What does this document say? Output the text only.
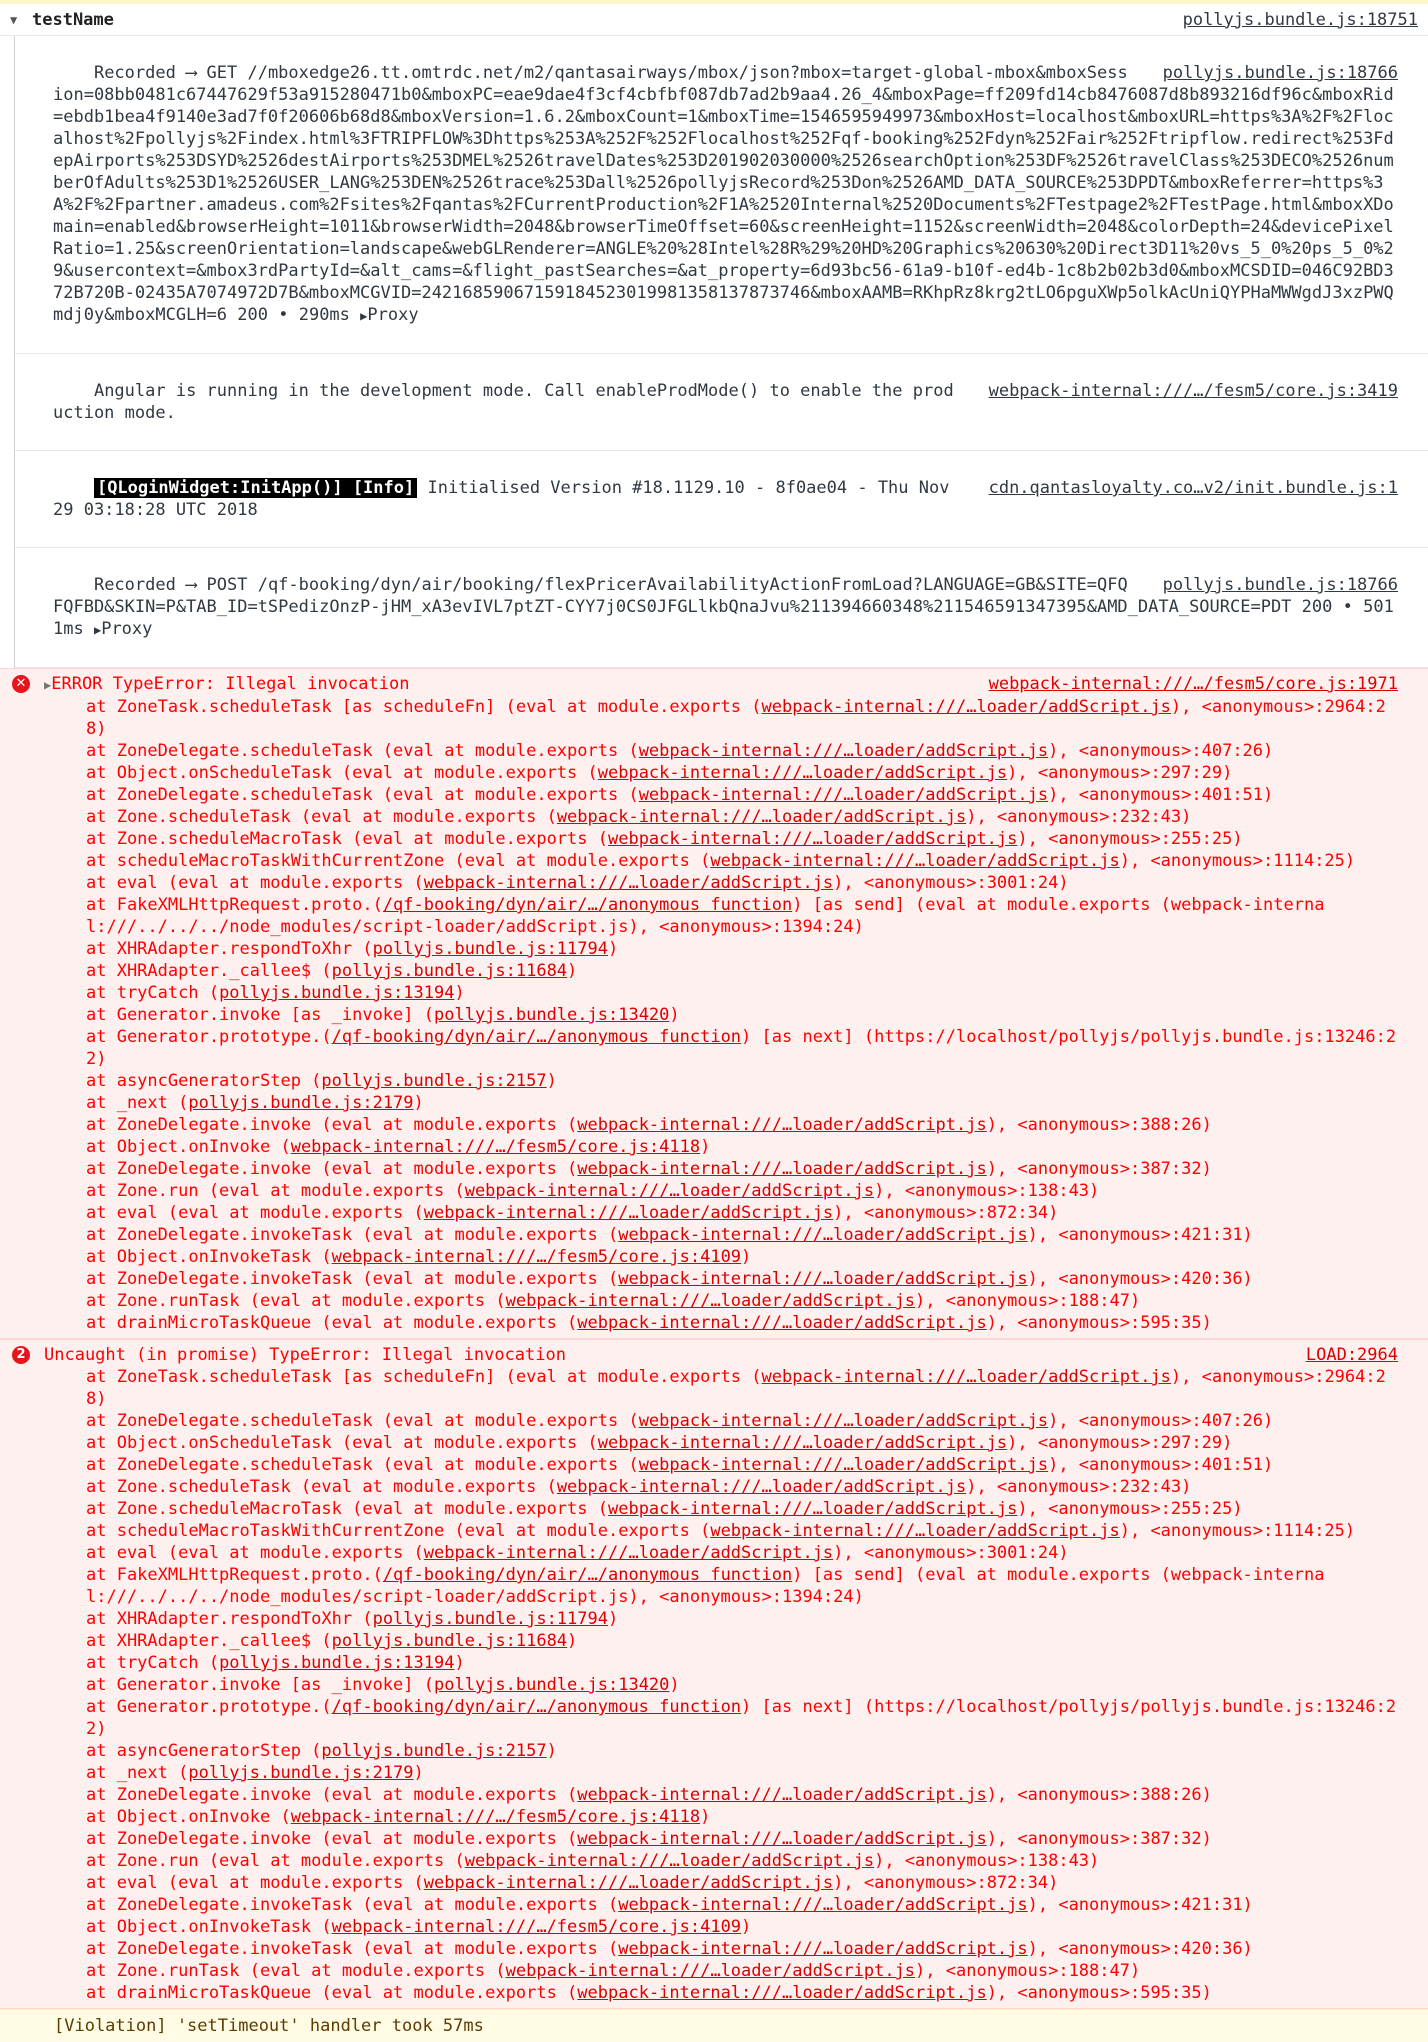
▼ testName	pollyjs.bundle.js:18751

pollyjs.bundle.js:18766
Recorded ⟶ GET //mboxedge26.tt.omtrdc.net/m2/qantasairways/mbox/json?mbox=target-global-mbox&mboxSession=08bb0481c67447629f53a915280471b0&mboxPC=eae9dae4f3cf4cbfbf087db7ad2b9aa4.26_4&mboxPage=ff209fd14cb8476087d8b893216df96c&mboxRid=ebdb1bea4f9140e3ad7f0f20606b68d8&mboxVersion=1.6.2&mboxCount=1&mboxTime=1546595949973&mboxHost=localhost&mboxURL=https%3A%2F%2Flocalhost%2Fpollyjs%2Findex.html%3FTRIPFLOW%3Dhttps%253A%252F%252Flocalhost%252Fqf-booking%252Fdyn%252Fair%252Ftripflow.redirect%253FdepAirports%253DSYD%2526destAirports%253DMEL%2526travelDates%253D201902030000%2526searchOption%253DF%2526travelClass%253DECO%2526numberOfAdults%253D1%2526USER_LANG%253DEN%2526trace%253Dall%2526pollyjsRecord%253Don%2526AMD_DATA_SOURCE%253DPDT&mboxReferrer=https%3A%2F%2Fpartner.amadeus.com%2Fsites%2Fqantas%2FCurrentProduction%2F1A%2520Internal%2520Documents%2FTestpage2%2FTestPage.html&mboxXDomain=enabled&browserHeight=1011&browserWidth=2048&browserTimeOffset=60&screenHeight=1152&screenWidth=2048&colorDepth=24&devicePixelRatio=1.25&screenOrientation=landscape&webGLRenderer=ANGLE%20%28Intel%28R%29%20HD%20Graphics%20630%20Direct3D11%20vs_5_0%20ps_5_0%29&usercontext=&mbox3rdPartyId=&alt_cams=&flight_pastSearches=&at_property=6d93bc56-61a9-b10f-ed4b-1c8b2b02b3d0&mboxMCSDID=046C92BD372B720B-02435A7074972D7B&mboxMCGVID=24216859067159184523019981358137873746&mboxAAMB=RKhpRz8krg2tLO6pguXWp5olkAcUniQYPHaMWWgdJ3xzPWQmdj0y&mboxMCGLH=6 200 • 290ms ▶Proxy

webpack-internal:///…/fesm5/core.js:3419
Angular is running in the development mode. Call enableProdMode() to enable the production mode.

cdn.qantasloyalty.co…v2/init.bundle.js:1
[QLoginWidget:InitApp()] [Info] Initialised Version #18.1129.10 - 8f0ae04 - Thu Nov 29 03:18:28 UTC 2018

pollyjs.bundle.js:18766
Recorded ⟶ POST /qf-booking/dyn/air/booking/flexPricerAvailabilityActionFromLoad?LANGUAGE=GB&SITE=QFQFQFBD&SKIN=P&TAB_ID=tSPedizOnzP-jHM_xA3evIVL7ptZT-CYY7j0CS0JFGLlkbQnaJvu%211394660348%211546591347395&AMD_DATA_SOURCE=PDT 200 • 5011ms ▶Proxy

✕ ▶ERROR TypeError: Illegal invocation	webpack-internal:///…/fesm5/core.js:1971
at ZoneTask.scheduleTask [as scheduleFn] (eval at module.exports (webpack-internal:///…loader/addScript.js), <anonymous>:2964:28)
at ZoneDelegate.scheduleTask (eval at module.exports (webpack-internal:///…loader/addScript.js), <anonymous>:407:26)
at Object.onScheduleTask (eval at module.exports (webpack-internal:///…loader/addScript.js), <anonymous>:297:29)
at ZoneDelegate.scheduleTask (eval at module.exports (webpack-internal:///…loader/addScript.js), <anonymous>:401:51)
at Zone.scheduleTask (eval at module.exports (webpack-internal:///…loader/addScript.js), <anonymous>:232:43)
at Zone.scheduleMacroTask (eval at module.exports (webpack-internal:///…loader/addScript.js), <anonymous>:255:25)
at scheduleMacroTaskWithCurrentZone (eval at module.exports (webpack-internal:///…loader/addScript.js), <anonymous>:1114:25)
at eval (eval at module.exports (webpack-internal:///…loader/addScript.js), <anonymous>:3001:24)
at FakeXMLHttpRequest.proto.(/qf-booking/dyn/air/…/anonymous function) [as send] (eval at module.exports (webpack-internal:///../../../node_modules/script-loader/addScript.js), <anonymous>:1394:24)
at XHRAdapter.respondToXhr (pollyjs.bundle.js:11794)
at XHRAdapter._callee$ (pollyjs.bundle.js:11684)
at tryCatch (pollyjs.bundle.js:13194)
at Generator.invoke [as _invoke] (pollyjs.bundle.js:13420)
at Generator.prototype.(/qf-booking/dyn/air/…/anonymous function) [as next] (https://localhost/pollyjs/pollyjs.bundle.js:13246:22)
at asyncGeneratorStep (pollyjs.bundle.js:2157)
at _next (pollyjs.bundle.js:2179)
at ZoneDelegate.invoke (eval at module.exports (webpack-internal:///…loader/addScript.js), <anonymous>:388:26)
at Object.onInvoke (webpack-internal:///…/fesm5/core.js:4118)
at ZoneDelegate.invoke (eval at module.exports (webpack-internal:///…loader/addScript.js), <anonymous>:387:32)
at Zone.run (eval at module.exports (webpack-internal:///…loader/addScript.js), <anonymous>:138:43)
at eval (eval at module.exports (webpack-internal:///…loader/addScript.js), <anonymous>:872:34)
at ZoneDelegate.invokeTask (eval at module.exports (webpack-internal:///…loader/addScript.js), <anonymous>:421:31)
at Object.onInvokeTask (webpack-internal:///…/fesm5/core.js:4109)
at ZoneDelegate.invokeTask (eval at module.exports (webpack-internal:///…loader/addScript.js), <anonymous>:420:36)
at Zone.runTask (eval at module.exports (webpack-internal:///…loader/addScript.js), <anonymous>:188:47)
at drainMicroTaskQueue (eval at module.exports (webpack-internal:///…loader/addScript.js), <anonymous>:595:35)
2 Uncaught (in promise) TypeError: Illegal invocation	LOAD:2964
at ZoneTask.scheduleTask [as scheduleFn] (eval at module.exports (webpack-internal:///…loader/addScript.js), <anonymous>:2964:28)
at ZoneDelegate.scheduleTask (eval at module.exports (webpack-internal:///…loader/addScript.js), <anonymous>:407:26)
at Object.onScheduleTask (eval at module.exports (webpack-internal:///…loader/addScript.js), <anonymous>:297:29)
at ZoneDelegate.scheduleTask (eval at module.exports (webpack-internal:///…loader/addScript.js), <anonymous>:401:51)
at Zone.scheduleTask (eval at module.exports (webpack-internal:///…loader/addScript.js), <anonymous>:232:43)
at Zone.scheduleMacroTask (eval at module.exports (webpack-internal:///…loader/addScript.js), <anonymous>:255:25)
at scheduleMacroTaskWithCurrentZone (eval at module.exports (webpack-internal:///…loader/addScript.js), <anonymous>:1114:25)
at eval (eval at module.exports (webpack-internal:///…loader/addScript.js), <anonymous>:3001:24)
at FakeXMLHttpRequest.proto.(/qf-booking/dyn/air/…/anonymous function) [as send] (eval at module.exports (webpack-internal:///../../../node_modules/script-loader/addScript.js), <anonymous>:1394:24)
at XHRAdapter.respondToXhr (pollyjs.bundle.js:11794)
at XHRAdapter._callee$ (pollyjs.bundle.js:11684)
at tryCatch (pollyjs.bundle.js:13194)
at Generator.invoke [as _invoke] (pollyjs.bundle.js:13420)
at Generator.prototype.(/qf-booking/dyn/air/…/anonymous function) [as next] (https://localhost/pollyjs/pollyjs.bundle.js:13246:22)
at asyncGeneratorStep (pollyjs.bundle.js:2157)
at _next (pollyjs.bundle.js:2179)
at ZoneDelegate.invoke (eval at module.exports (webpack-internal:///…loader/addScript.js), <anonymous>:388:26)
at Object.onInvoke (webpack-internal:///…/fesm5/core.js:4118)
at ZoneDelegate.invoke (eval at module.exports (webpack-internal:///…loader/addScript.js), <anonymous>:387:32)
at Zone.run (eval at module.exports (webpack-internal:///…loader/addScript.js), <anonymous>:138:43)
at eval (eval at module.exports (webpack-internal:///…loader/addScript.js), <anonymous>:872:34)
at ZoneDelegate.invokeTask (eval at module.exports (webpack-internal:///…loader/addScript.js), <anonymous>:421:31)
at Object.onInvokeTask (webpack-internal:///…/fesm5/core.js:4109)
at ZoneDelegate.invokeTask (eval at module.exports (webpack-internal:///…loader/addScript.js), <anonymous>:420:36)
at Zone.runTask (eval at module.exports (webpack-internal:///…loader/addScript.js), <anonymous>:188:47)
at drainMicroTaskQueue (eval at module.exports (webpack-internal:///…loader/addScript.js), <anonymous>:595:35)
[Violation] 'setTimeout' handler took 57ms
